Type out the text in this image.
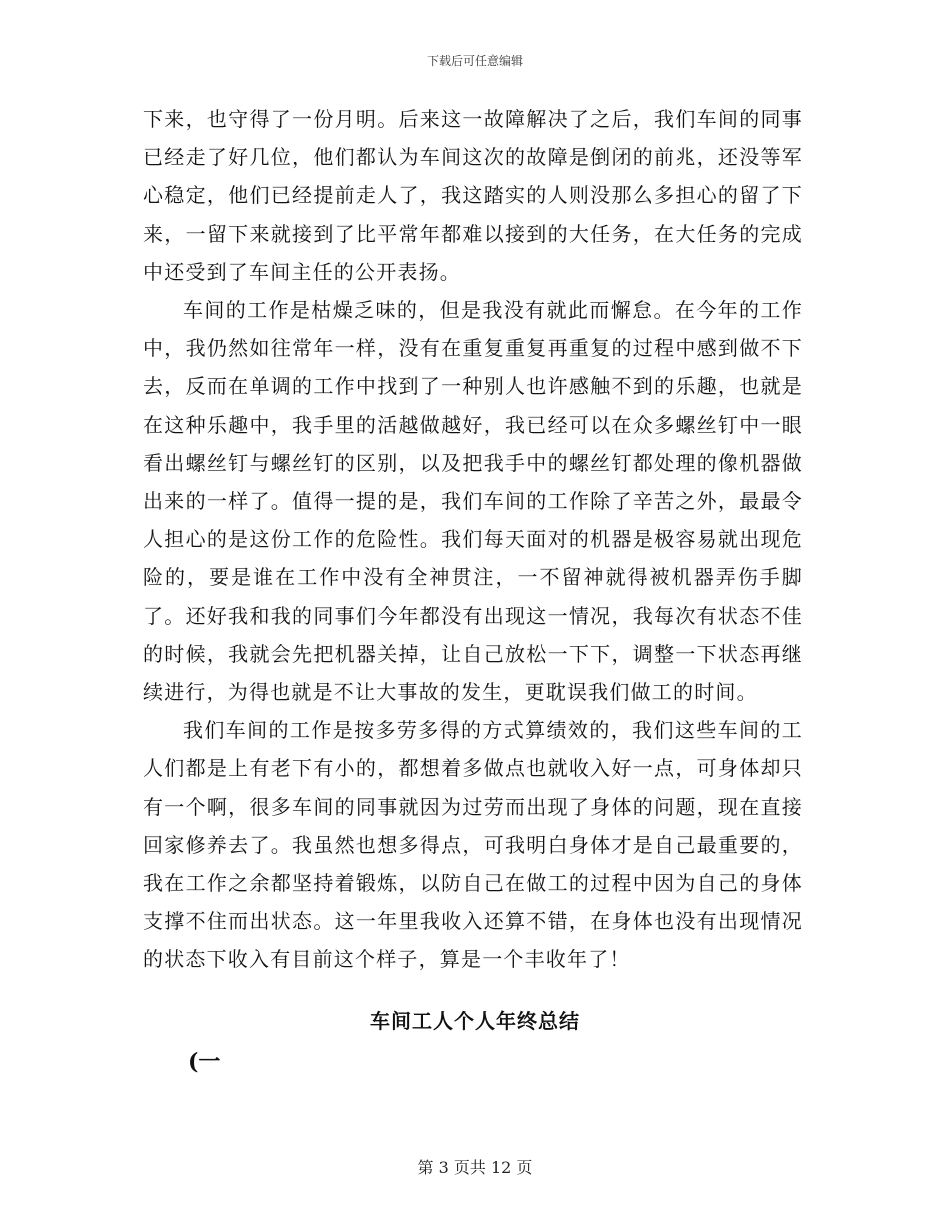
下载后可任意编辑

下来，也守得了一份月明。后来这一故障解决了之后，我们车间的同事已经走了好几位，他们都认为车间这次的故障是倒闭的前兆，还没等军心稳定，他们已经提前走人了，我这踏实的人则没那么多担心的留了下来，一留下来就接到了比平常年都难以接到的大任务，在大任务的完成中还受到了车间主任的公开表扬。

车间的工作是枯燥乏味的，但是我没有就此而懈怠。在今年的工作中，我仍然如往常年一样，没有在重复重复再重复的过程中感到做不下去，反而在单调的工作中找到了一种别人也许感触不到的乐趣，也就是在这种乐趣中，我手里的活越做越好，我已经可以在众多螺丝钉中一眼看出螺丝钉与螺丝钉的区别，以及把我手中的螺丝钉都处理的像机器做出来的一样了。值得一提的是，我们车间的工作除了辛苦之外，最最令人担心的是这份工作的危险性。我们每天面对的机器是极容易就出现危险的，要是谁在工作中没有全神贯注，一不留神就得被机器弄伤手脚了。还好我和我的同事们今年都没有出现这一情况，我每次有状态不佳的时候，我就会先把机器关掉，让自己放松一下下，调整一下状态再继续进行，为得也就是不让大事故的发生，更耽误我们做工的时间。

我们车间的工作是按多劳多得的方式算绩效的，我们这些车间的工人们都是上有老下有小的，都想着多做点也就收入好一点，可身体却只有一个啊，很多车间的同事就因为过劳而出现了身体的问题，现在直接回家修养去了。我虽然也想多得点，可我明白身体才是自己最重要的，我在工作之余都坚持着锻炼，以防自己在做工的过程中因为自己的身体支撑不住而出状态。这一年里我收入还算不错，在身体也没有出现情况的状态下收入有目前这个样子，算是一个丰收年了！

车间工人个人年终总结
(一
第 3 页共 12 页
